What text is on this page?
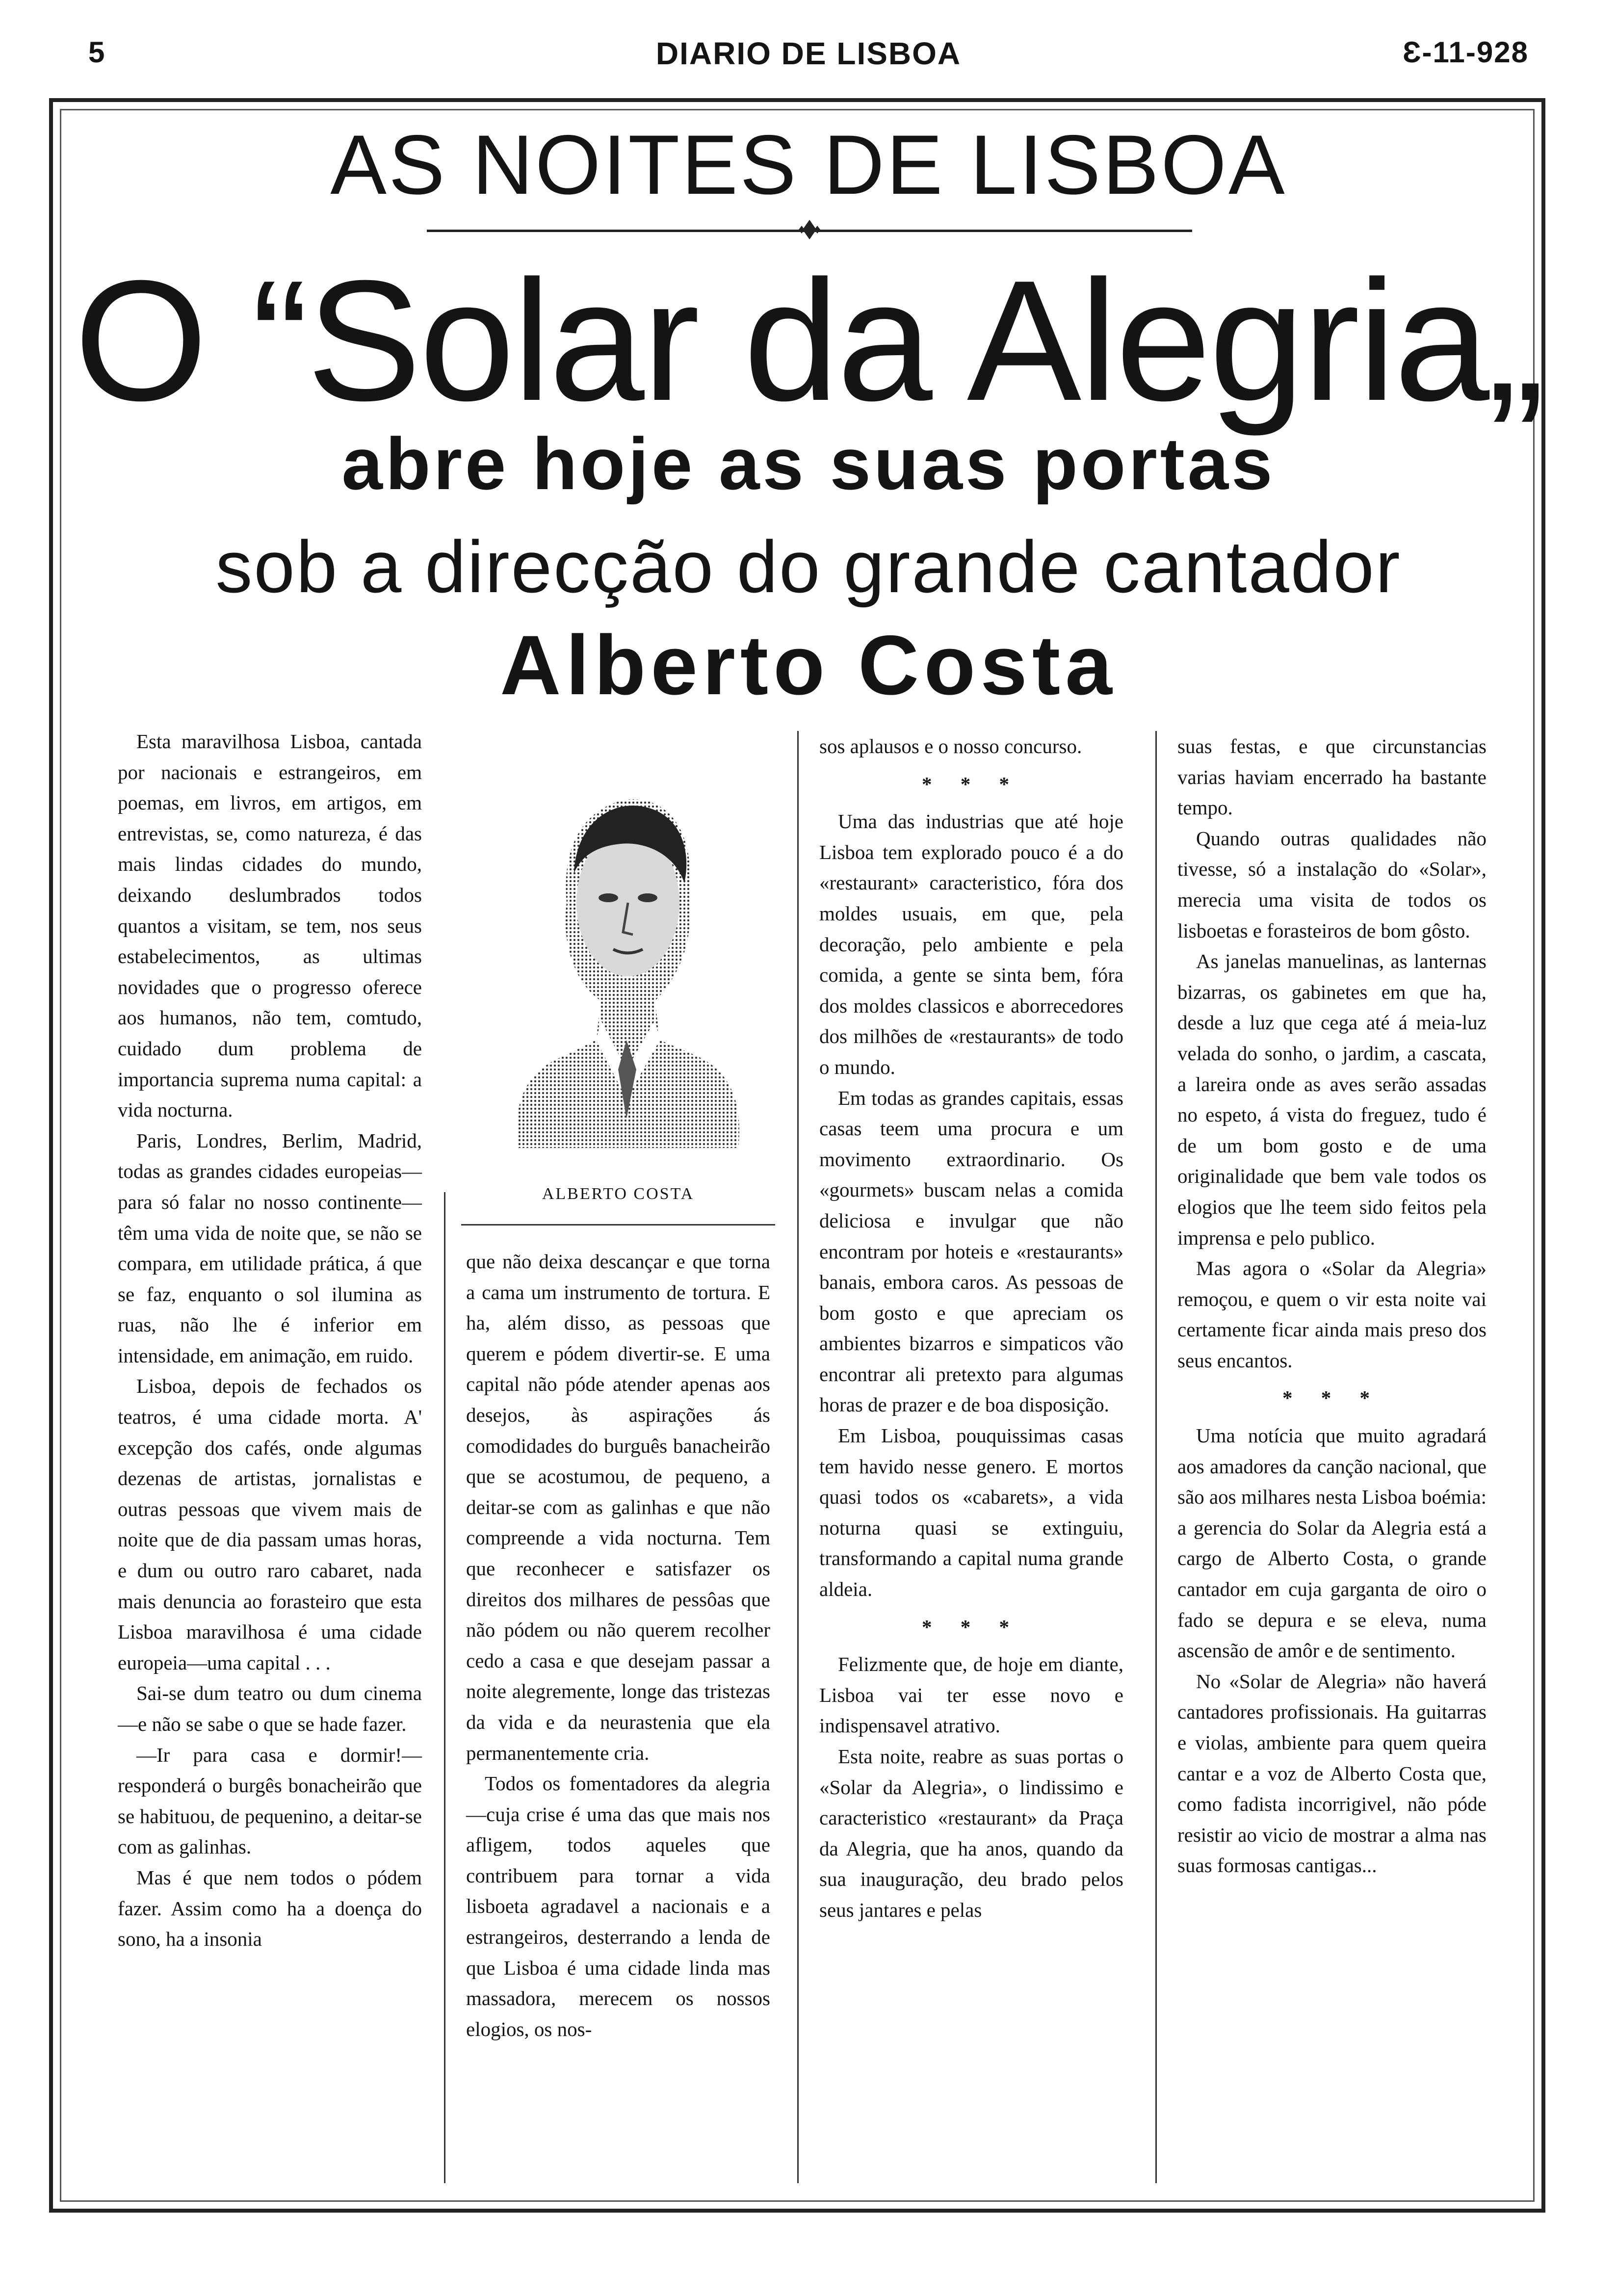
5	DIARIO DE LISBOA	Ɛ-11-928
AS NOITES DE LISBOA
O “Solar da Alegria„
abre hoje as suas portas
sob a direcção do grande cantador
Alberto Costa
ALBERTO COSTA

Esta maravilhosa Lisboa, cantada por nacionais e estrangeiros, em poemas, em livros, em artigos, em entrevistas, se, como natureza, é das mais lindas cidades do mundo, deixando deslumbrados todos quantos a visitam, se tem, nos seus estabelecimentos, as ultimas novidades que o progresso oferece aos humanos, não tem, comtudo, cuidado dum problema de importancia suprema numa capital: a vida nocturna.

Paris, Londres, Berlim, Madrid, todas as grandes cidades europeias—para só falar no nosso continente—têm uma vida de noite que, se não se compara, em utilidade prática, á que se faz, enquanto o sol ilumina as ruas, não lhe é inferior em intensidade, em animação, em ruido.

Lisboa, depois de fechados os teatros, é uma cidade morta. A' excepção dos cafés, onde algumas dezenas de artistas, jornalistas e outras pessoas que vivem mais de noite que de dia passam umas horas, e dum ou outro raro cabaret, nada mais denuncia ao forasteiro que esta Lisboa maravilhosa é uma cidade europeia—uma capital . . .

Sai-se dum teatro ou dum cinema—e não se sabe o que se hade fazer.

—Ir para casa e dormir!—responderá o burgês bonacheirão que se habituou, de pequenino, a deitar-se com as galinhas.

Mas é que nem todos o pódem fazer. Assim como ha a doença do sono, ha a insonia

que não deixa descançar e que torna a cama um instrumento de tortura. E ha, além disso, as pessoas que querem e pódem divertir-se. E uma capital não póde atender apenas aos desejos, às aspirações ás comodidades do burguês banacheirão que se acostumou, de pequeno, a deitar-se com as galinhas e que não compreende a vida nocturna. Tem que reconhecer e satisfazer os direitos dos milhares de pessôas que não pódem ou não querem recolher cedo a casa e que desejam passar a noite alegremente, longe das tristezas da vida e da neurastenia que ela permanentemente cria.

Todos os fomentadores da alegria—cuja crise é uma das que mais nos afligem, todos aqueles que contribuem para tornar a vida lisboeta agradavel a nacionais e a estrangeiros, desterrando a lenda de que Lisboa é uma cidade linda mas massadora, merecem os nossos elogios, os nos-

sos aplausos e o nosso concurso.

* * *

Uma das industrias que até hoje Lisboa tem explorado pouco é a do «restaurant» caracteristico, fóra dos moldes usuais, em que, pela decoração, pelo ambiente e pela comida, a gente se sinta bem, fóra dos moldes classicos e aborrecedores dos milhões de «restaurants» de todo o mundo.

Em todas as grandes capitais, essas casas teem uma procura e um movimento extraordinario. Os «gourmets» buscam nelas a comida deliciosa e invulgar que não encontram por hoteis e «restaurants» banais, embora caros. As pessoas de bom gosto e que apreciam os ambientes bizarros e simpaticos vão encontrar ali pretexto para algumas horas de prazer e de boa disposição.

Em Lisboa, pouquissimas casas tem havido nesse genero. E mortos quasi todos os «cabarets», a vida noturna quasi se extinguiu, transformando a capital numa grande aldeia.

* * *

Felizmente que, de hoje em diante, Lisboa vai ter esse novo e indispensavel atrativo.

Esta noite, reabre as suas portas o «Solar da Alegria», o lindissimo e caracteristico «restaurant» da Praça da Alegria, que ha anos, quando da sua inauguração, deu brado pelos seus jantares e pelas

suas festas, e que circunstancias varias haviam encerrado ha bastante tempo.

Quando outras qualidades não tivesse, só a instalação do «Solar», merecia uma visita de todos os lisboetas e forasteiros de bom gôsto.

As janelas manuelinas, as lanternas bizarras, os gabinetes em que ha, desde a luz que cega até á meia-luz velada do sonho, o jardim, a cascata, a lareira onde as aves serão assadas no espeto, á vista do freguez, tudo é de um bom gosto e de uma originalidade que bem vale todos os elogios que lhe teem sido feitos pela imprensa e pelo publico.

Mas agora o «Solar da Alegria» remoçou, e quem o vir esta noite vai certamente ficar ainda mais preso dos seus encantos.

* * *

Uma notícia que muito agradará aos amadores da canção nacional, que são aos milhares nesta Lisboa boémia: a gerencia do Solar da Alegria está a cargo de Alberto Costa, o grande cantador em cuja garganta de oiro o fado se depura e se eleva, numa ascensão de amôr e de sentimento.

No «Solar de Alegria» não haverá cantadores profissionais. Ha guitarras e violas, ambiente para quem queira cantar e a voz de Alberto Costa que, como fadista incorrigivel, não póde resistir ao vicio de mostrar a alma nas suas formosas cantigas...
